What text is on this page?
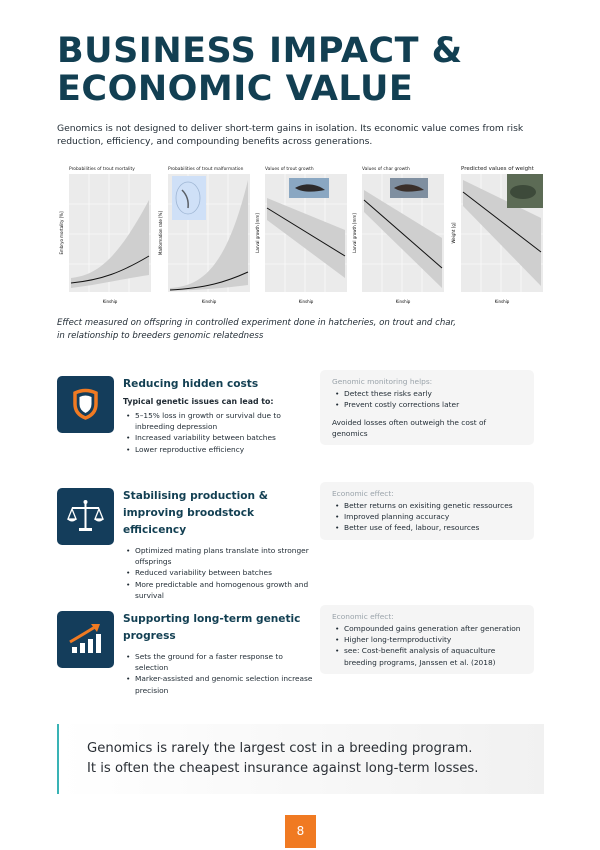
BUSINESS IMPACT &
ECONOMIC VALUE
Genomics is not designed to deliver short-term gains in isolation. Its economic value comes from risk reduction, efficiency, and compounding benefits across generations.
Probabilities of trout mortality
Kinship
Embryo mortality [%]
Probabilities of trout malformation
Kinship
Malformation rate [%]
Values of trout growth
Kinship
Larval growth [mm]
Values of char growth
Kinship
Larval growth [mm]
Predicted values of weight
Kinship
Weight [g]
Effect measured on offspring in controlled experiment done in hatcheries, on trout and char, in relationship to breeders genomic relatedness
Reducing hidden costs
Typical genetic issues can lead to:
• 5–15% loss in growth or survival due to inbreeding depression
• Increased variability between batches
• Lower reproductive efficiency
Genomic monitoring helps:
• Detect these risks early
• Prevent costly corrections later
Avoided losses often outweigh the cost of genomics
Stabilising production & improving broodstock efficicency
• Optimized mating plans translate into stronger offsprings
• Reduced variability between batches
• More predictable and homogenous growth and survival
Economic effect:
• Better returns on exisiting genetic ressources
• Improved planning accuracy
• Better use of feed, labour, resources
Supporting long-term genetic progress
• Sets the ground for a faster response to selection
• Marker-assisted and genomic selection increase precision
Economic effect:
• Compounded gains generation after generation
• Higher long-termproductivity
• see: Cost-benefit analysis of aquaculture breeding programs, Janssen et al. (2018)
Genomics is rarely the largest cost in a breeding program.
It is often the cheapest insurance against long-term losses.
8
